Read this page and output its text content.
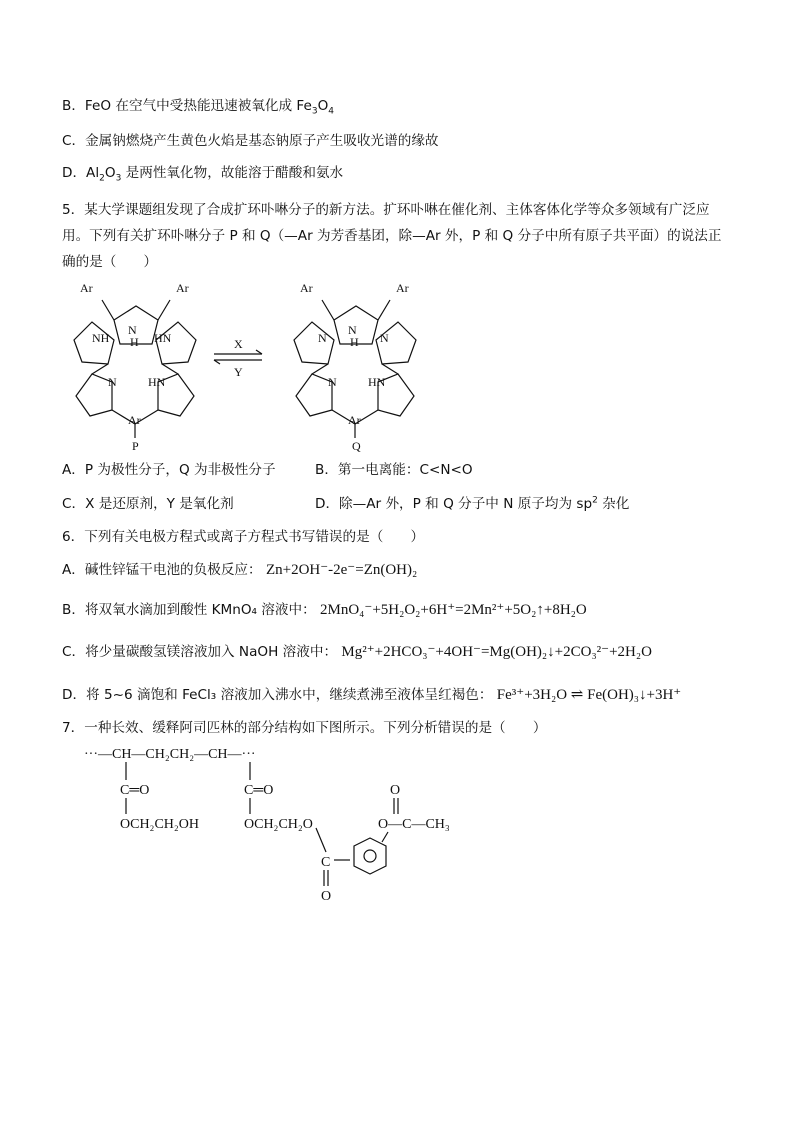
B．FeO 在空气中受热能迅速被氧化成 $Fe_3O_4$
C．金属钠燃烧产生黄色火焰是基态钠原子产生吸收光谱的缘故
D．$Al_2O_3$ 是两性氧化物，故能溶于醋酸和氨水
5．某大学课题组发现了合成扩环卟啉分子的新方法。扩环卟啉在催化剂、主体客体化学等众多领域有广泛应用。下列有关扩环卟啉分子 P 和 Q（—Ar 为芳香基团，除—Ar 外，P 和 Q 分子中所有原子共平面）的说法正确的是（　　）
Ar	Ar
N
H
NH	HN
N	HN
Ar
P
X
Y
Ar	Ar
N
H
N	N
N	HN
Ar
Q
A．P 为极性分子，Q 为非极性分子	B．第一电离能：C<N<O
C．X 是还原剂，Y 是氧化剂	D．除—Ar 外，P 和 Q 分子中 N 原子均为 $sp^2$ 杂化
6．下列有关电极方程式或离子方程式书写错误的是（　　）
A．碱性锌锰干电池的负极反应： Zn+2OH⁻-2e⁻=Zn(OH)₂
B．将双氧水滴加到酸性 KMnO₄ 溶液中： 2MnO₄⁻+5H₂O₂+6H⁺=2Mn²⁺+5O₂↑+8H₂O
C．将少量碳酸氢镁溶液加入 NaOH 溶液中： Mg²⁺+2HCO₃⁻+4OH⁻=Mg(OH)₂↓+2CO₃²⁻+2H₂O
D．将 5~6 滴饱和 FeCl₃ 溶液加入沸水中，继续煮沸至液体呈红褐色： Fe³⁺+3H₂O ⇌ Fe(OH)₃↓+3H⁺
7．一种长效、缓释阿司匹林的部分结构如下图所示。下列分析错误的是（　　）
···—CH—CH₂CH₂—CH—···
C═O
OCH₂CH₂OH
C═O
OCH₂CH₂O	O—C—CH₃
C
O
O
